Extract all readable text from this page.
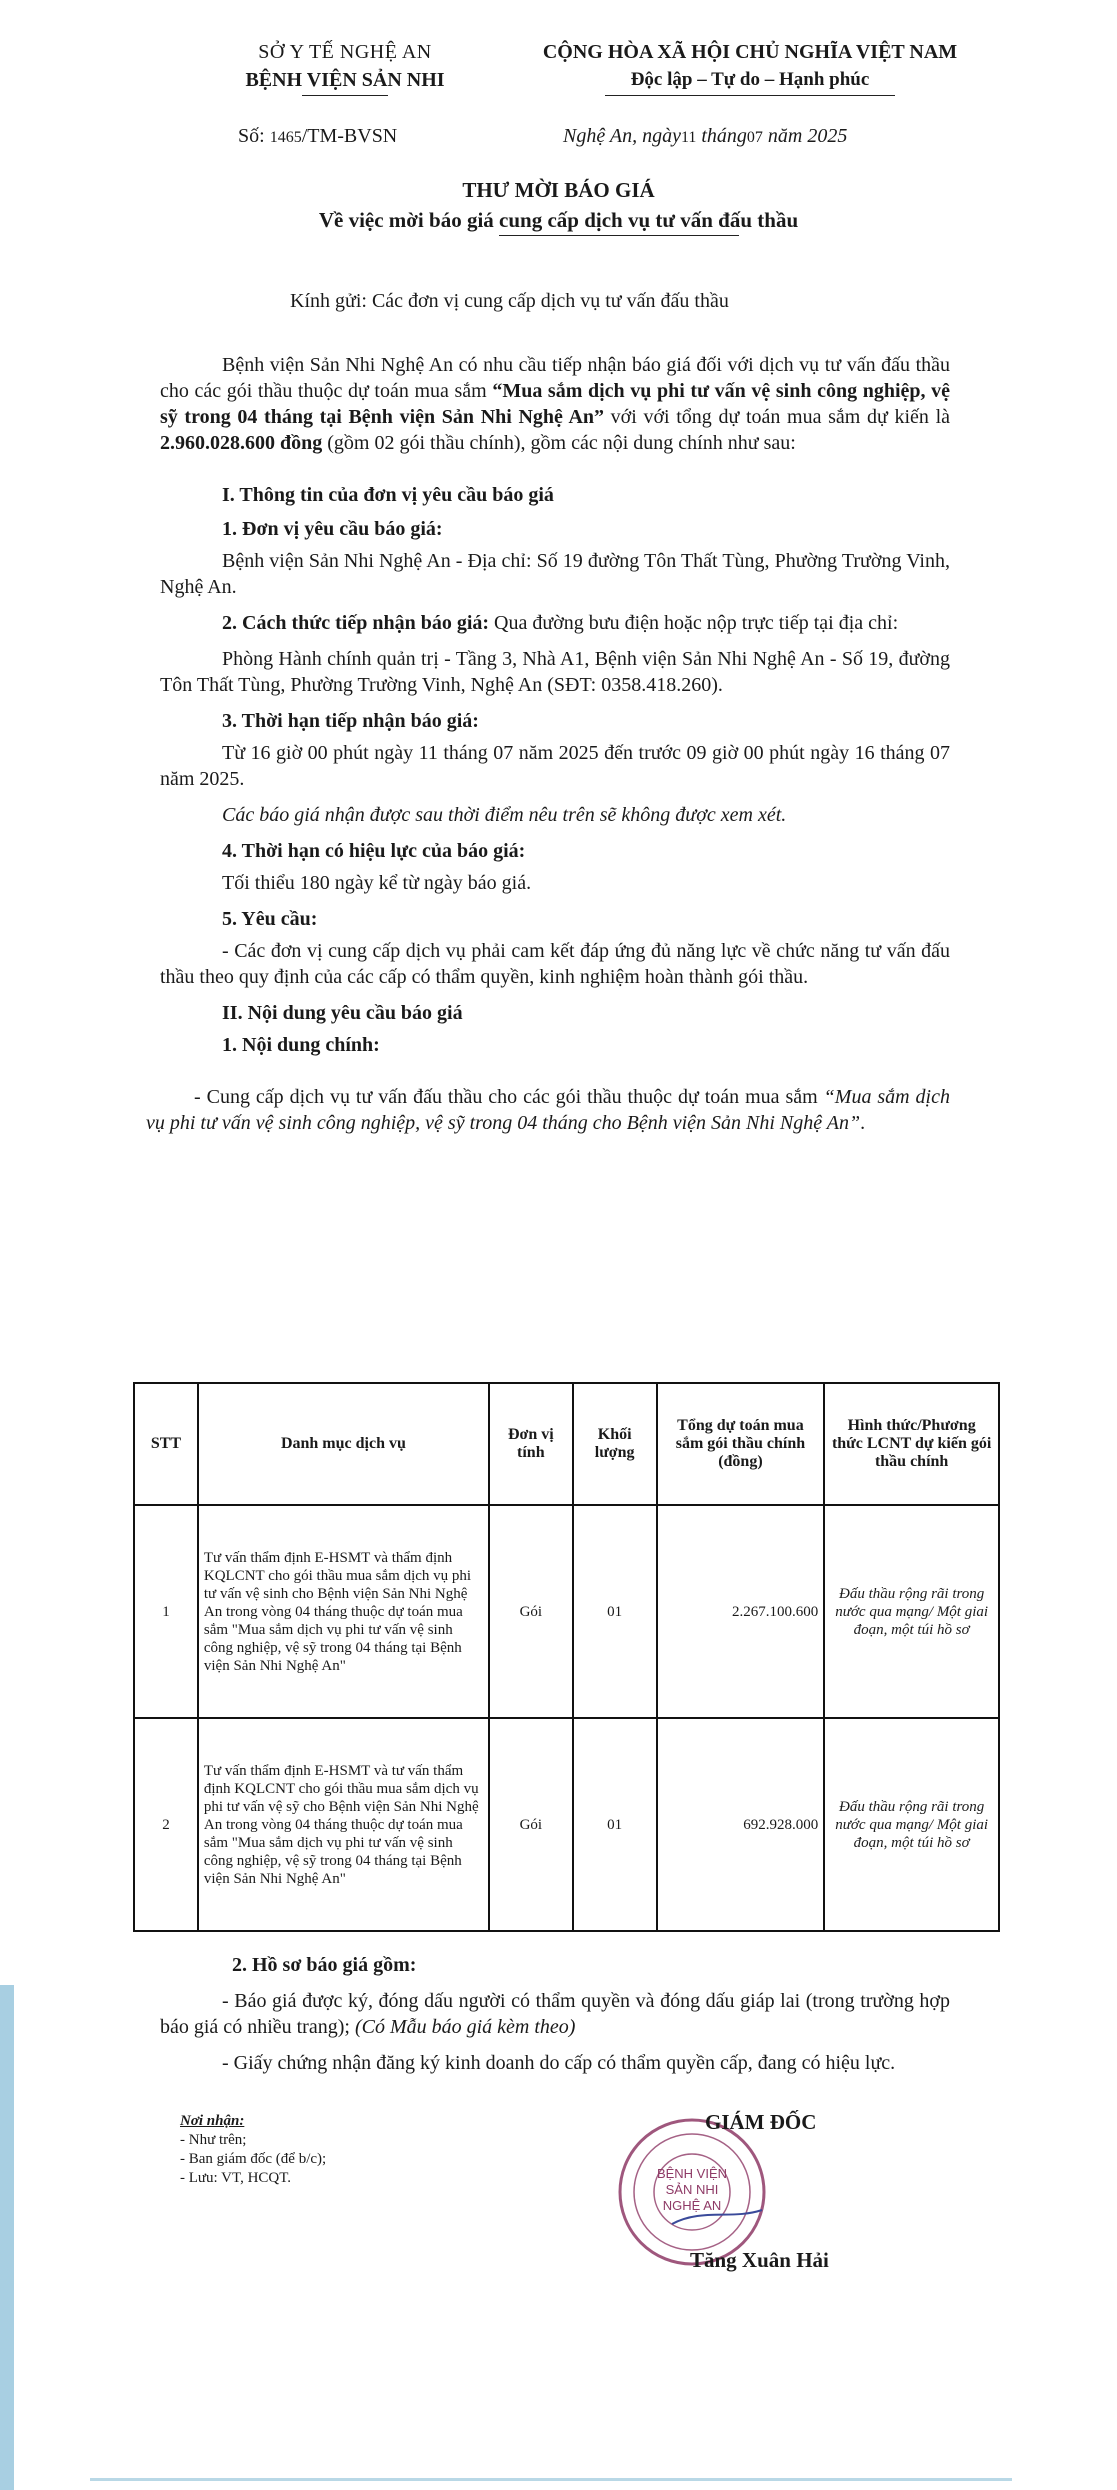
SỞ Y TẾ NGHỆ AN
BỆNH VIỆN SẢN NHI
CỘNG HÒA XÃ HỘI CHỦ NGHĨA VIỆT NAM
Độc lập – Tự do – Hạnh phúc
Số: 1465/TM-BVSN	Nghệ An, ngày11 tháng07 năm 2025
THƯ MỜI BÁO GIÁ
Về việc mời báo giá cung cấp dịch vụ tư vấn đấu thầu
Kính gửi: Các đơn vị cung cấp dịch vụ tư vấn đấu thầu

Bệnh viện Sản Nhi Nghệ An có nhu cầu tiếp nhận báo giá đối với dịch vụ tư vấn đấu thầu cho các gói thầu thuộc dự toán mua sắm “Mua sắm dịch vụ phi tư vấn vệ sinh công nghiệp, vệ sỹ trong 04 tháng tại Bệnh viện Sản Nhi Nghệ An” với với tổng dự toán mua sắm dự kiến là 2.960.028.600 đồng (gồm 02 gói thầu chính), gồm các nội dung chính như sau:

I. Thông tin của đơn vị yêu cầu báo giá

1. Đơn vị yêu cầu báo giá:

Bệnh viện Sản Nhi Nghệ An - Địa chỉ: Số 19 đường Tôn Thất Tùng, Phường Trường Vinh, Nghệ An.

2. Cách thức tiếp nhận báo giá: Qua đường bưu điện hoặc nộp trực tiếp tại địa chỉ:

Phòng Hành chính quản trị - Tầng 3, Nhà A1, Bệnh viện Sản Nhi Nghệ An - Số 19, đường Tôn Thất Tùng, Phường Trường Vinh, Nghệ An (SĐT: 0358.418.260).

3. Thời hạn tiếp nhận báo giá:

Từ 16 giờ 00 phút ngày 11 tháng 07 năm 2025 đến trước 09 giờ 00 phút ngày 16 tháng 07 năm 2025.

Các báo giá nhận được sau thời điểm nêu trên sẽ không được xem xét.

4. Thời hạn có hiệu lực của báo giá:

Tối thiểu 180 ngày kể từ ngày báo giá.

5. Yêu cầu:

- Các đơn vị cung cấp dịch vụ phải cam kết đáp ứng đủ năng lực về chức năng tư vấn đấu thầu theo quy định của các cấp có thẩm quyền, kinh nghiệm hoàn thành gói thầu.

II. Nội dung yêu cầu báo giá

1. Nội dung chính:

- Cung cấp dịch vụ tư vấn đấu thầu cho các gói thầu thuộc dự toán mua sắm “Mua sắm dịch vụ phi tư vấn vệ sinh công nghiệp, vệ sỹ trong 04 tháng cho Bệnh viện Sản Nhi Nghệ An”.

STT	Danh mục dịch vụ	Đơn vị tính	Khối lượng	Tổng dự toán mua sắm gói thầu chính (đồng)	Hình thức/Phương thức LCNT dự kiến gói thầu chính
1	Tư vấn thẩm định E-HSMT và thẩm định KQLCNT cho gói thầu mua sắm dịch vụ phi tư vấn vệ sinh cho Bệnh viện Sản Nhi Nghệ An trong vòng 04 tháng thuộc dự toán mua sắm "Mua sắm dịch vụ phi tư vấn vệ sinh công nghiệp, vệ sỹ trong 04 tháng tại Bệnh viện Sản Nhi Nghệ An"	Gói	01	2.267.100.600	Đấu thầu rộng rãi trong nước qua mạng/ Một giai đoạn, một túi hồ sơ
2	Tư vấn thẩm định E-HSMT và tư vấn thẩm định KQLCNT cho gói thầu mua sắm dịch vụ phi tư vấn vệ sỹ cho Bệnh viện Sản Nhi Nghệ An trong vòng 04 tháng thuộc dự toán mua sắm "Mua sắm dịch vụ phi tư vấn vệ sinh công nghiệp, vệ sỹ trong 04 tháng tại Bệnh viện Sản Nhi Nghệ An"	Gói	01	692.928.000	Đấu thầu rộng rãi trong nước qua mạng/ Một giai đoạn, một túi hồ sơ

2. Hồ sơ báo giá gồm:

- Báo giá được ký, đóng dấu người có thẩm quyền và đóng dấu giáp lai (trong trường hợp báo giá có nhiều trang); (Có Mẫu báo giá kèm theo)

- Giấy chứng nhận đăng ký kinh doanh do cấp có thẩm quyền cấp, đang có hiệu lực.

Nơi nhận:
- Như trên;
- Ban giám đốc (để b/c);
- Lưu: VT, HCQT.	BỆNH VIỆN
SẢN NHI
NGHỆ AN
GIÁM ĐỐC
Tăng Xuân Hải
